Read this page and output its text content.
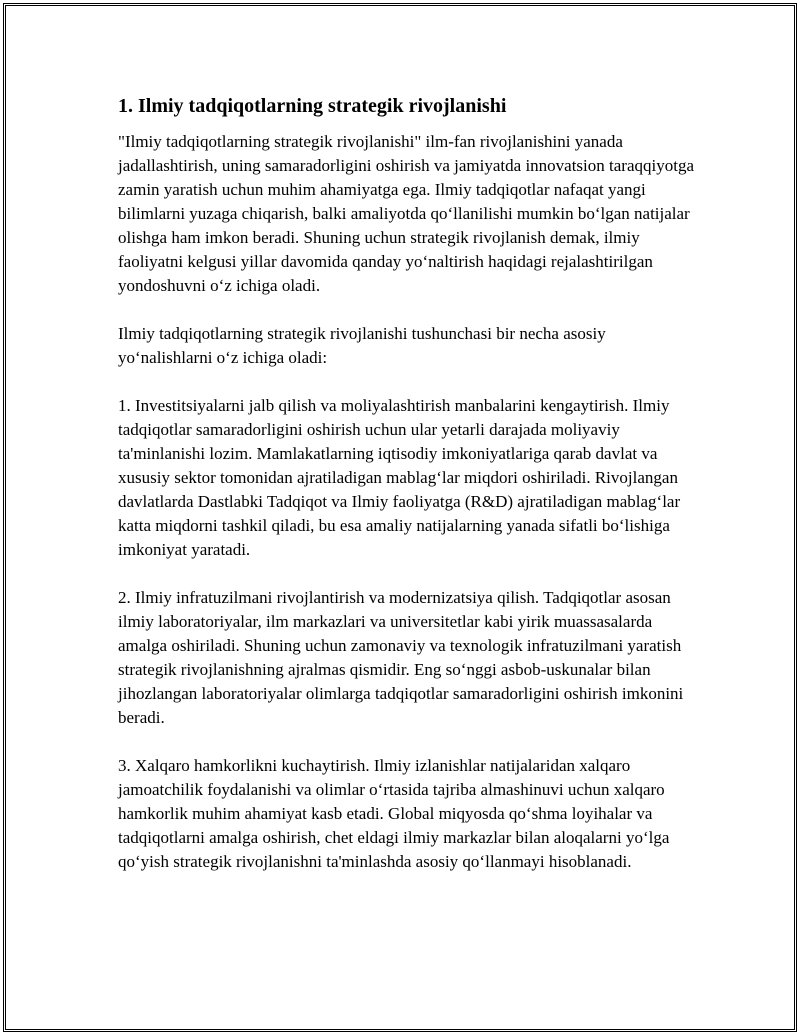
1. Ilmiy tadqiqotlarning strategik rivojlanishi

"Ilmiy tadqiqotlarning strategik rivojlanishi" ilm-fan rivojlanishini yanada jadallashtirish, uning samaradorligini oshirish va jamiyatda innovatsion taraqqiyotga zamin yaratish uchun muhim ahamiyatga ega. Ilmiy tadqiqotlar nafaqat yangi bilimlarni yuzaga chiqarish, balki amaliyotda qo‘llanilishi mumkin bo‘lgan natijalar olishga ham imkon beradi. Shuning uchun strategik rivojlanish demak, ilmiy faoliyatni kelgusi yillar davomida qanday yo‘naltirish haqidagi rejalashtirilgan yondoshuvni o‘z ichiga oladi.

Ilmiy tadqiqotlarning strategik rivojlanishi tushunchasi bir necha asosiy yo‘nalishlarni o‘z ichiga oladi:

1. Investitsiyalarni jalb qilish va moliyalashtirish manbalarini kengaytirish. Ilmiy tadqiqotlar samaradorligini oshirish uchun ular yetarli darajada moliyaviy ta'minlanishi lozim. Mamlakatlarning iqtisodiy imkoniyatlariga qarab davlat va xususiy sektor tomonidan ajratiladigan mablag‘lar miqdori oshiriladi. Rivojlangan davlatlarda Dastlabki Tadqiqot va Ilmiy faoliyatga (R&D) ajratiladigan mablag‘lar katta miqdorni tashkil qiladi, bu esa amaliy natijalarning yanada sifatli bo‘lishiga imkoniyat yaratadi.

2. Ilmiy infratuzilmani rivojlantirish va modernizatsiya qilish. Tadqiqotlar asosan ilmiy laboratoriyalar, ilm markazlari va universitetlar kabi yirik muassasalarda amalga oshiriladi. Shuning uchun zamonaviy va texnologik infratuzilmani yaratish strategik rivojlanishning ajralmas qismidir. Eng so‘nggi asbob-uskunalar bilan jihozlangan laboratoriyalar olimlarga tadqiqotlar samaradorligini oshirish imkonini beradi.

3. Xalqaro hamkorlikni kuchaytirish. Ilmiy izlanishlar natijalaridan xalqaro jamoatchilik foydalanishi va olimlar o‘rtasida tajriba almashinuvi uchun xalqaro hamkorlik muhim ahamiyat kasb etadi. Global miqyosda qo‘shma loyihalar va tadqiqotlarni amalga oshirish, chet eldagi ilmiy markazlar bilan aloqalarni yo‘lga qo‘yish strategik rivojlanishni ta'minlashda asosiy qo‘llanmayi hisoblanadi.
